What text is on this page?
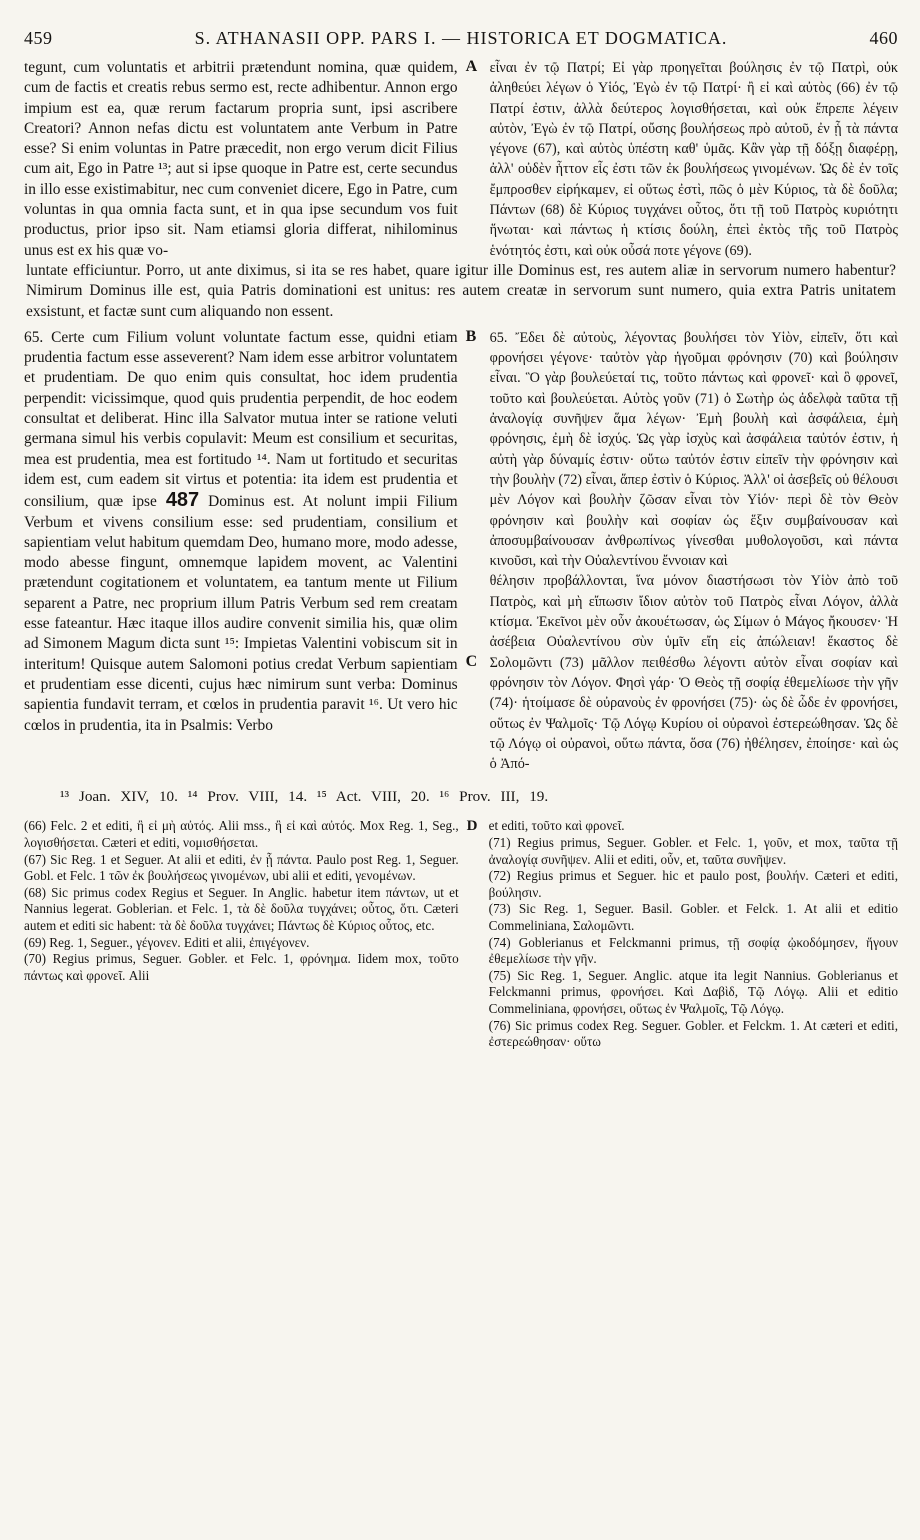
459	S. ATHANASII OPP. PARS I. — HISTORICA ET DOGMATICA.	460

tegunt, cum voluntatis et arbitrii prætendunt nomina, quæ quidem, cum de factis et creatis rebus sermo est, recte adhibentur. Annon ergo impium est ea, quæ rerum factarum propria sunt, ipsi ascribere Creatori? Annon nefas dictu est voluntatem ante Verbum in Patre esse? Si enim voluntas in Patre præcedit, non ergo verum dicit Filius cum ait, Ego in Patre ¹³; aut si ipse quoque in Patre est, certe secundus in illo esse existimabitur, nec cum conveniet dicere, Ego in Patre, cum voluntas in qua omnia facta sunt, et in qua ipse secundum vos fuit productus, prior ipso sit. Nam etiamsi gloria differat, nihilominus unus est ex his quæ vo-

A εἶναι ἐν τῷ Πατρί; Εἰ γὰρ προηγεῖται βούλησις ἐν τῷ Πατρὶ, οὐκ ἀληθεύει λέγων ὁ Υἱός, Ἐγὼ ἐν τῷ Πατρί· ἢ εἰ καὶ αὐτὸς (66) ἐν τῷ Πατρί ἐστιν, ἀλλὰ δεύτερος λογισθήσεται, καὶ οὐκ ἔπρεπε λέγειν αὐτὸν, Ἐγὼ ἐν τῷ Πατρί, οὔσης βουλήσεως πρὸ αὐτοῦ, ἐν ᾗ τὰ πάντα γέγονε (67), καὶ αὐτὸς ὑπέστη καθ' ὑμᾶς. Κἂν γὰρ τῇ δόξῃ διαφέρῃ, ἀλλ' οὐδὲν ἧττον εἷς ἐστι τῶν ἐκ βουλήσεως γινομένων. Ὡς δὲ ἐν τοῖς ἔμπροσθεν εἰρήκαμεν, εἰ οὕτως ἐστὶ, πῶς ὁ μὲν Κύριος, τὰ δὲ δοῦλα; Πάντων (68) δὲ Κύριος τυγχάνει οὗτος, ὅτι τῇ τοῦ Πατρὸς κυριότητι ἥνωται· καὶ πάντως ἡ κτίσις δούλη, ἐπεὶ ἐκτὸς τῆς τοῦ Πατρὸς ἑνότητός ἐστι, καὶ οὐκ οὖσά ποτε γέγονε (69).

luntate efficiuntur. Porro, ut ante diximus, si ita se res habet, quare igitur ille Dominus est, res autem aliæ in servorum numero habentur? Nimirum Dominus ille est, quia Patris dominationi est unitus: res autem creatæ in servorum sunt numero, quia extra Patris unitatem exsistunt, et factæ sunt cum aliquando non essent.

65. Certe cum Filium volunt voluntate factum esse, quidni etiam prudentia factum esse asseverent? Nam idem esse arbitror voluntatem et prudentiam. De quo enim quis consultat, hoc idem prudentia perpendit: vicissimque, quod quis prudentia perpendit, de hoc eodem consultat et deliberat. Hinc illa Salvator mutua inter se ratione veluti germana simul his verbis copulavit: Meum est consilium et securitas, mea est prudentia, mea est fortitudo ¹⁴. Nam ut fortitudo et securitas idem est, cum eadem sit virtus et potentia: ita idem est prudentia et consilium, quæ ipse 487 Dominus est. At nolunt impii Filium Verbum et vivens consilium esse: sed prudentiam, consilium et sapientiam velut habitum quemdam Deo, humano more, modo adesse, modo abesse fingunt, omnemque lapidem movent, ac Valentini prætendunt cogitationem et voluntatem, ea tantum mente ut Filium separent a Patre, nec proprium illum Patris Verbum sed rem creatam esse fateantur. Hæc itaque illos audire convenit similia his, quæ olim ad Simonem Magum dicta sunt ¹⁵: Impietas Valentini vobiscum sit in interitum! Quisque autem Salomoni potius credat Verbum sapientiam et prudentiam esse dicenti, cujus hæc nimirum sunt verba: Dominus sapientia fundavit terram, et cœlos in prudentia paravit ¹⁶. Ut vero hic cœlos in prudentia, ita in Psalmis: Verbo

B
C

65. Ἔδει δὲ αὐτοὺς, λέγοντας βουλήσει τὸν Υἱὸν, εἰπεῖν, ὅτι καὶ φρονήσει γέγονε· ταὐτὸν γὰρ ἡγοῦμαι φρόνησιν (70) καὶ βούλησιν εἶναι. Ὃ γὰρ βουλεύεταί τις, τοῦτο πάντως καὶ φρονεῖ· καὶ ὃ φρονεῖ, τοῦτο καὶ βουλεύεται. Αὐτὸς γοῦν (71) ὁ Σωτὴρ ὡς ἀδελφὰ ταῦτα τῇ ἀναλογίᾳ συνῆψεν ἅμα λέγων· Ἐμὴ βουλὴ καὶ ἀσφάλεια, ἐμὴ φρόνησις, ἐμὴ δὲ ἰσχύς. Ὡς γὰρ ἰσχὺς καὶ ἀσφάλεια ταὐτόν ἐστιν, ἡ αὐτὴ γὰρ δύναμίς ἐστιν· οὕτω ταὐτόν ἐστιν εἰπεῖν τὴν φρόνησιν καὶ τὴν βουλὴν (72) εἶναι, ἅπερ ἐστὶν ὁ Κύριος. Ἀλλ' οἱ ἀσεβεῖς οὐ θέλουσι μὲν Λόγον καὶ βουλὴν ζῶσαν εἶναι τὸν Υἱόν· περὶ δὲ τὸν Θεὸν φρόνησιν καὶ βουλὴν καὶ σοφίαν ὡς ἕξιν συμβαίνουσαν καὶ ἀποσυμβαίνουσαν ἀνθρωπίνως γίνεσθαι μυθολογοῦσι, καὶ πάντα κινοῦσι, καὶ τὴν Οὐαλεντίνου ἔννοιαν καὶ

θέλησιν προβάλλονται, ἵνα μόνον διαστήσωσι τὸν Υἱὸν ἀπὸ τοῦ Πατρὸς, καὶ μὴ εἴπωσιν ἴδιον αὐτὸν τοῦ Πατρὸς εἶναι Λόγον, ἀλλὰ κτίσμα. Ἐκεῖνοι μὲν οὖν ἀκουέτωσαν, ὡς Σίμων ὁ Μάγος ἤκουσεν· Ἡ ἀσέβεια Οὐαλεντίνου σὺν ὑμῖν εἴη εἰς ἀπώλειαν! ἕκαστος δὲ Σολομῶντι (73) μᾶλλον πειθέσθω λέγοντι αὐτὸν εἶναι σοφίαν καὶ φρόνησιν τὸν Λόγον. Φησὶ γάρ· Ὁ Θεὸς τῇ σοφίᾳ ἐθεμελίωσε τὴν γῆν (74)· ἡτοίμασε δὲ οὐρανοὺς ἐν φρονήσει (75)· ὡς δὲ ὧδε ἐν φρονήσει, οὕτως ἐν Ψαλμοῖς· Τῷ Λόγῳ Κυρίου οἱ οὐρανοὶ ἐστερεώθησαν. Ὡς δὲ τῷ Λόγῳ οἱ οὐρανοὶ, οὕτω πάντα, ὅσα (76) ἠθέλησεν, ἐποίησε· καὶ ὡς ὁ Ἀπό-

¹³ Joan. XIV, 10. ¹⁴ Prov. VIII, 14. ¹⁵ Act. VIII, 20. ¹⁶ Prov. III, 19.

(66) Felc. 2 et editi, ἢ εἰ μὴ αὐτός. Alii mss., ἢ εἰ καὶ αὐτός. Mox Reg. 1, Seg., λογισθήσεται. Cæteri et editi, νομισθήσεται.

(67) Sic Reg. 1 et Seguer. At alii et editi, ἐν ᾗ πάντα. Paulo post Reg. 1, Seguer. Gobl. et Felc. 1 τῶν ἐκ βουλήσεως γινομένων, ubi alii et editi, γενομένων.

(68) Sic primus codex Regius et Seguer. In Anglic. habetur item πάντων, ut et Nannius legerat. Goblerian. et Felc. 1, τὰ δὲ δοῦλα τυγχάνει; οὗτος, ὅτι. Cæteri autem et editi sic habent: τὰ δὲ δοῦλα τυγχάνει; Πάντως δὲ Κύριος οὗτος, etc.

(69) Reg. 1, Seguer., γέγονεν. Editi et alii, ἐπιγέγονεν.

(70) Regius primus, Seguer. Gobler. et Felc. 1, φρόνημα. Iidem mox, τοῦτο πάντως καὶ φρονεῖ. Alii

D et editi, τοῦτο καὶ φρονεῖ.

(71) Regius primus, Seguer. Gobler. et Felc. 1, γοῦν, et mox, ταῦτα τῇ ἀναλογίᾳ συνῆψεν. Alii et editi, οὖν, et, ταῦτα συνῆψεν.

(72) Regius primus et Seguer. hic et paulo post, βουλήν. Cæteri et editi, βούλησιν.

(73) Sic Reg. 1, Seguer. Basil. Gobler. et Felck. 1. At alii et editio Commeliniana, Σαλομῶντι.

(74) Goblerianus et Felckmanni primus, τῇ σοφίᾳ ᾠκοδόμησεν, ἥγουν ἐθεμελίωσε τὴν γῆν.

(75) Sic Reg. 1, Seguer. Anglic. atque ita legit Nannius. Goblerianus et Felckmanni primus, φρονήσει. Καὶ Δαβὶδ, Τῷ Λόγῳ. Alii et editio Commeliniana, φρονήσει, οὕτως ἐν Ψαλμοῖς, Τῷ Λόγῳ.

(76) Sic primus codex Reg. Seguer. Gobler. et Felckm. 1. At cæteri et editi, ἐστερεώθησαν· οὕτω
